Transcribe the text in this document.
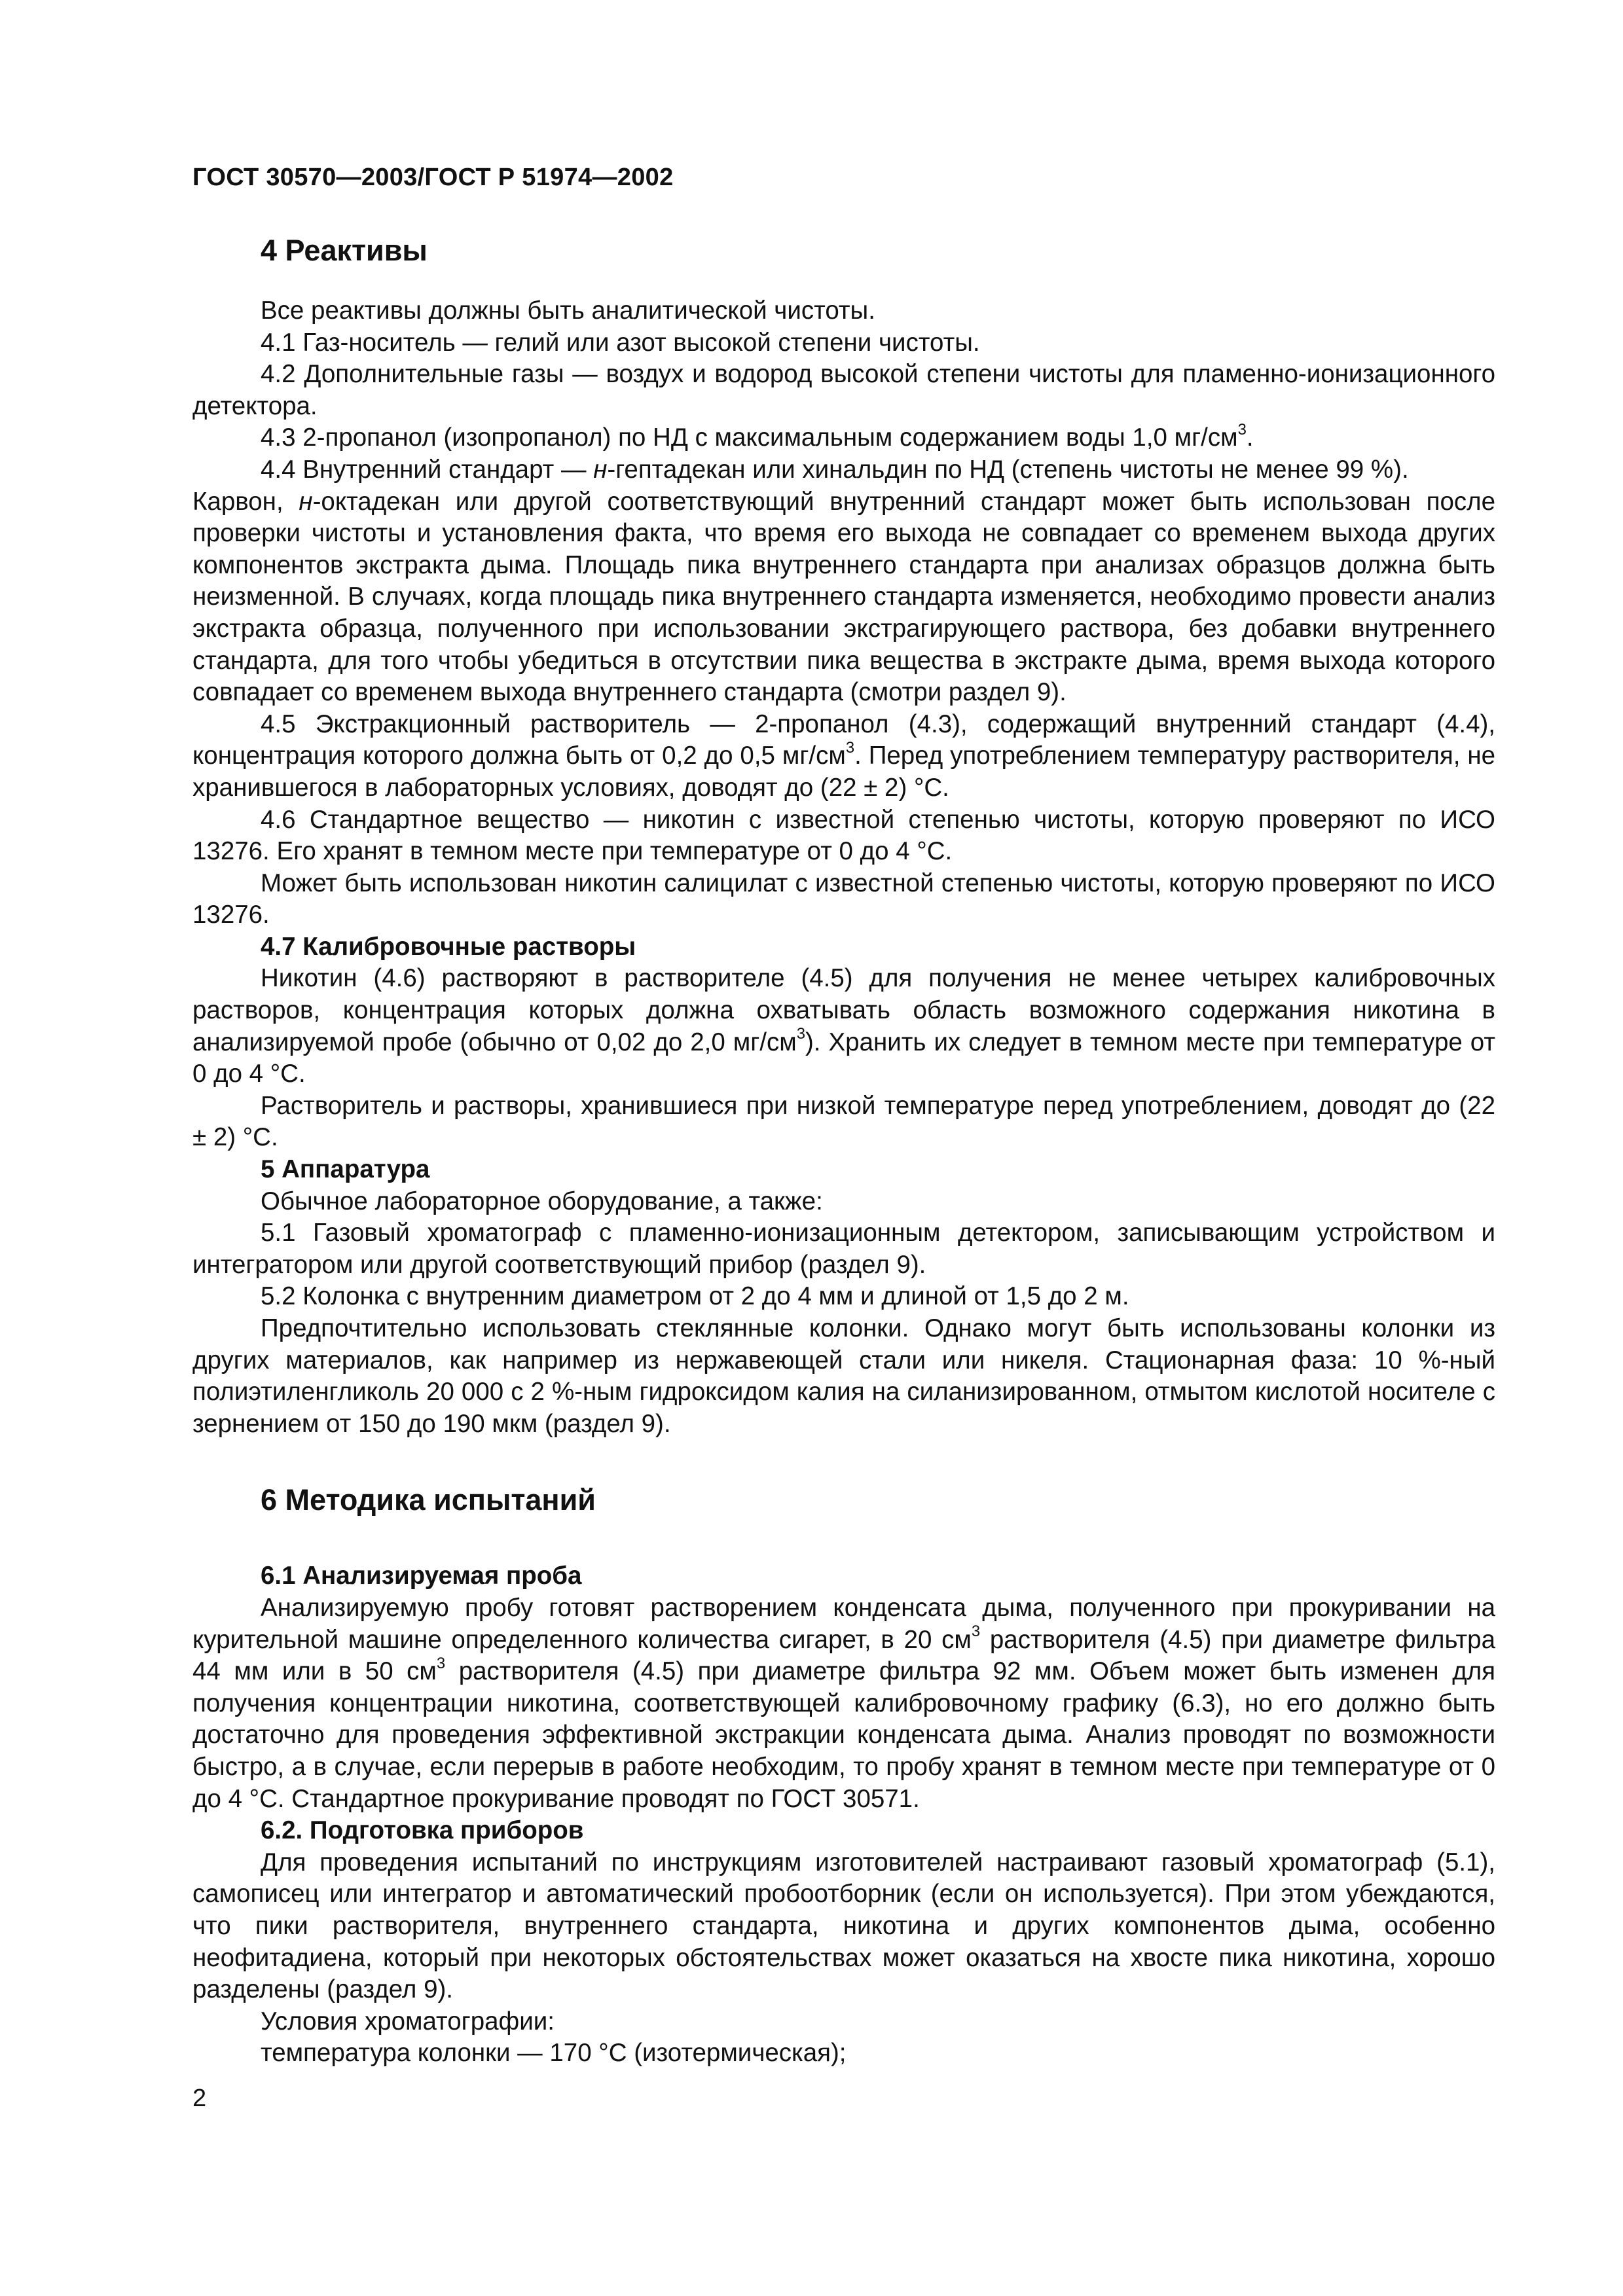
ГОСТ 30570—2003/ГОСТ Р 51974—2002
4 Реактивы

Все реактивы должны быть аналитической чистоты.

4.1 Газ-носитель — гелий или азот высокой степени чистоты.

4.2 Дополнительные газы — воздух и водород высокой степени чистоты для пламенно-ионизационного детектора.

4.3 2-пропанол (изопропанол) по НД с максимальным содержанием воды 1,0 $мг/см^3$.

4.4 Внутренний стандарт — н-гептадекан или хинальдин по НД (степень чистоты не менее 99 %).

Карвон, н-октадекан или другой соответствующий внутренний стандарт может быть использован после проверки чистоты и установления факта, что время его выхода не совпадает со временем выхода других компонентов экстракта дыма. Площадь пика внутреннего стандарта при анализах образцов должна быть неизменной. В случаях, когда площадь пика внутреннего стандарта изменяется, необходимо провести анализ экстракта образца, полученного при использовании экстрагирующего раствора, без добавки внутреннего стандарта, для того чтобы убедиться в отсутствии пика вещества в экстракте дыма, время выхода которого совпадает со временем выхода внутреннего стандарта (смотри раздел 9).

4.5 Экстракционный растворитель — 2-пропанол (4.3), содержащий внутренний стандарт (4.4), концентрация которого должна быть от 0,2 до 0,5 $мг/см^3$. Перед употреблением температуру растворителя, не хранившегося в лабораторных условиях, доводят до (22 ± 2) °С.

4.6 Стандартное вещество — никотин с известной степенью чистоты, которую проверяют по ИСО 13276. Его хранят в темном месте при температуре от 0 до 4 °С.

Может быть использован никотин салицилат с известной степенью чистоты, которую проверяют по ИСО 13276.

4.7 Калибровочные растворы

Никотин (4.6) растворяют в растворителе (4.5) для получения не менее четырех калибровочных растворов, концентрация которых должна охватывать область возможного содержания никотина в анализируемой пробе (обычно от 0,02 до 2,0 $мг/см^3$). Хранить их следует в темном месте при температуре от 0 до 4 °С.

Растворитель и растворы, хранившиеся при низкой температуре перед употреблением, доводят до (22 ± 2) °С.

5 Аппаратура

Обычное лабораторное оборудование, а также:

5.1 Газовый хроматограф с пламенно-ионизационным детектором, записывающим устройством и интегратором или другой соответствующий прибор (раздел 9).

5.2 Колонка с внутренним диаметром от 2 до 4 мм и длиной от 1,5 до 2 м.

Предпочтительно использовать стеклянные колонки. Однако могут быть использованы колонки из других материалов, как например из нержавеющей стали или никеля. Стационарная фаза: 10 %-ный полиэтиленгликоль 20 000 с 2 %-ным гидроксидом калия на силанизированном, отмытом кислотой носителе с зернением от 150 до 190 мкм (раздел 9).

6 Методика испытаний

6.1 Анализируемая проба

Анализируемую пробу готовят растворением конденсата дыма, полученного при прокуривании на курительной машине определенного количества сигарет, в 20 $см^3$ растворителя (4.5) при диаметре фильтра 44 мм или в 50 $см^3$ растворителя (4.5) при диаметре фильтра 92 мм. Объем может быть изменен для получения концентрации никотина, соответствующей калибровочному графику (6.3), но его должно быть достаточно для проведения эффективной экстракции конденсата дыма. Анализ проводят по возможности быстро, а в случае, если перерыв в работе необходим, то пробу хранят в темном месте при температуре от 0 до 4 °С. Стандартное прокуривание проводят по ГОСТ 30571.

6.2. Подготовка приборов

Для проведения испытаний по инструкциям изготовителей настраивают газовый хроматограф (5.1), самописец или интегратор и автоматический пробоотборник (если он используется). При этом убеждаются, что пики растворителя, внутреннего стандарта, никотина и других компонентов дыма, особенно неофитадиена, который при некоторых обстоятельствах может оказаться на хвосте пика никотина, хорошо разделены (раздел 9).

Условия хроматографии:

температура колонки — 170 °С (изотермическая);

2
